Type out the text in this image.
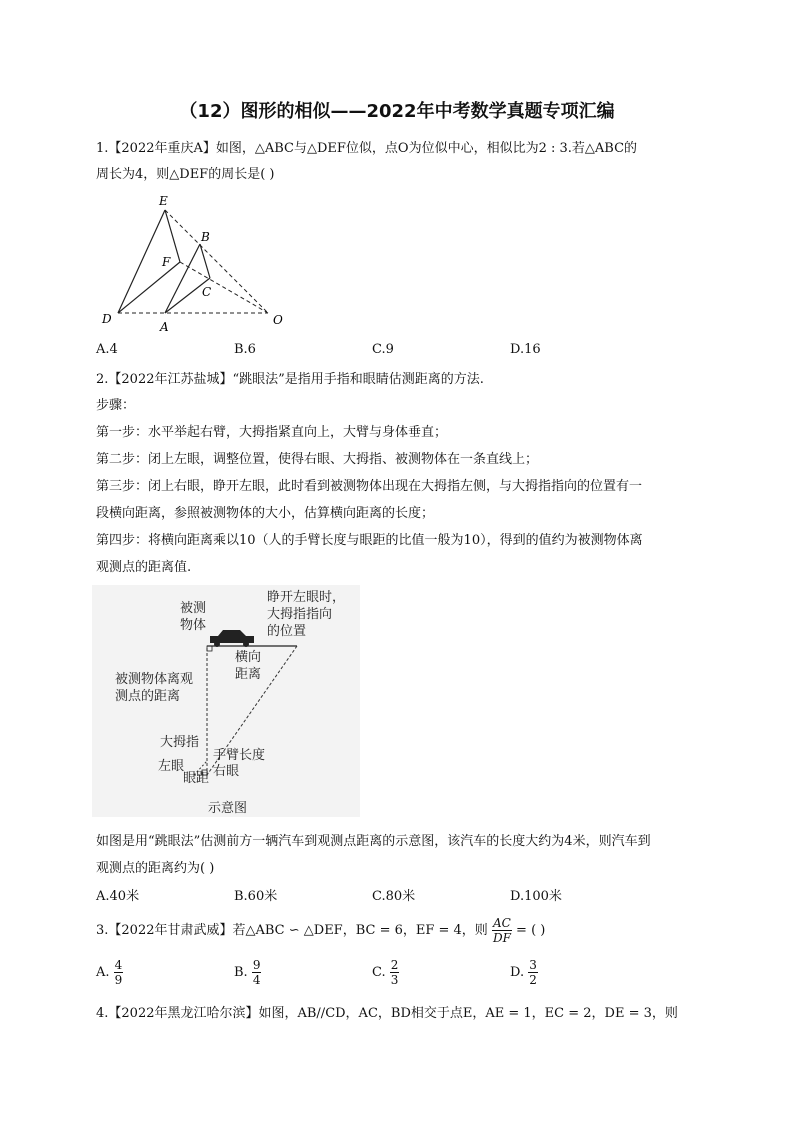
（12）图形的相似——2022年中考数学真题专项汇编
1.【2022年重庆A】如图，△ABC与△DEF位似，点O为位似中心，相似比为2 : 3.若△ABC的
周长为4，则△DEF的周长是( )
E
B
F
C
D
A	O
A.4	B.6	C.9	D.16
2.【2022年江苏盐城】“跳眼法”是指用手指和眼睛估测距离的方法.
步骤：
第一步：水平举起右臂，大拇指紧直向上，大臂与身体垂直；
第二步：闭上左眼，调整位置，使得右眼、大拇指、被测物体在一条直线上；
第三步：闭上右眼，睁开左眼，此时看到被测物体出现在大拇指左侧，与大拇指指向的位置有一
段横向距离，参照被测物体的大小，估算横向距离的长度；
第四步：将横向距离乘以10（人的手臂长度与眼距的比值一般为10），得到的值约为被测物体离
观测点的距离值.
被测
物体
睁开左眼时，
大拇指指向
的位置
横向
距离
被测物体离观
测点的距离
大拇指
手臂长度
左眼 右眼
眼距
示意图
如图是用“跳眼法”估测前方一辆汽车到观测点距离的示意图，该汽车的长度大约为4米，则汽车到
观测点的距离约为( )
A.40米	B.60米	C.80米	D.100米
3.【2022年甘肃武威】若△ABC ∽ △DEF，BC = 6，EF = 4，则 $\frac{AC}{DF}$ = ( )
A. $\frac{4}{9}$	B. $\frac{9}{4}$	C. $\frac{2}{3}$	D. $\frac{3}{2}$
4.【2022年黑龙江哈尔滨】如图，AB//CD，AC，BD相交于点E，AE = 1，EC = 2，DE = 3，则
